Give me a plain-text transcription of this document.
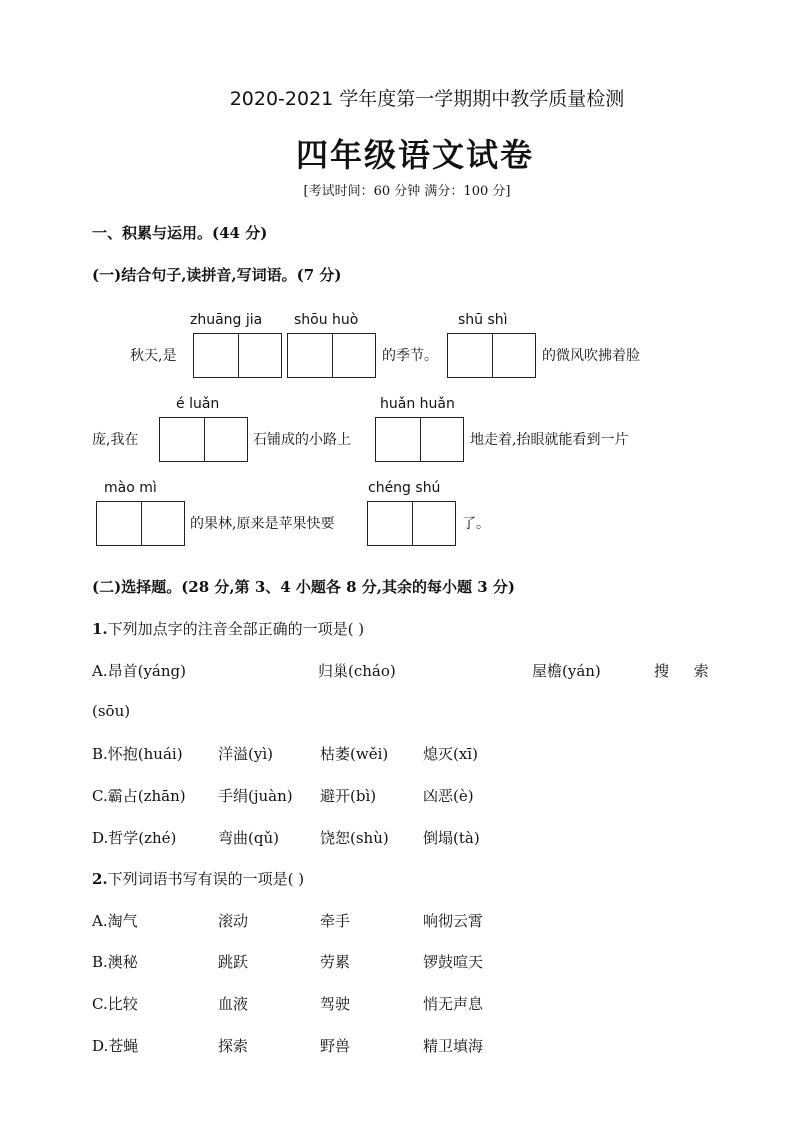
2020-2021 学年度第一学期期中教学质量检测
四年级语文试卷
[考试时间：60 分钟 满分：100 分]
一、积累与运用。(44 分)
(一)结合句子,读拼音,写词语。(7 分)
zhuāng jia shōu huò	shū shì
秋天,是	的季节。	的微风吹拂着脸
é luǎn	huǎn huǎn
庞,我在	石铺成的小路上	地走着,抬眼就能看到一片
mào mì	chéng shú
的果林,原来是苹果快要	了。
(二)选择题。(28 分,第 3、4 小题各 8 分,其余的每小题 3 分)
1.下列加点字的注音全部正确的一项是( )
A.昂首(yáng)	归巢(cháo)	屋檐(yán)	搜 索
(sōu)
B.怀抱(huái) 洋溢(yì)	枯萎(wěi) 熄灭(xī)
C.霸占(zhān) 手绢(juàn) 避开(bì)	凶恶(è)
D.哲学(zhé)	弯曲(qǔ)	饶恕(shù) 倒塌(tà)
2.下列词语书写有误的一项是( )
A.淘气	滚动	牵手	响彻云霄
B.澳秘	跳跃	劳累	锣鼓喧天
C.比较	血液	驾驶	悄无声息
D.苍蝇	探索	野兽	精卫填海
